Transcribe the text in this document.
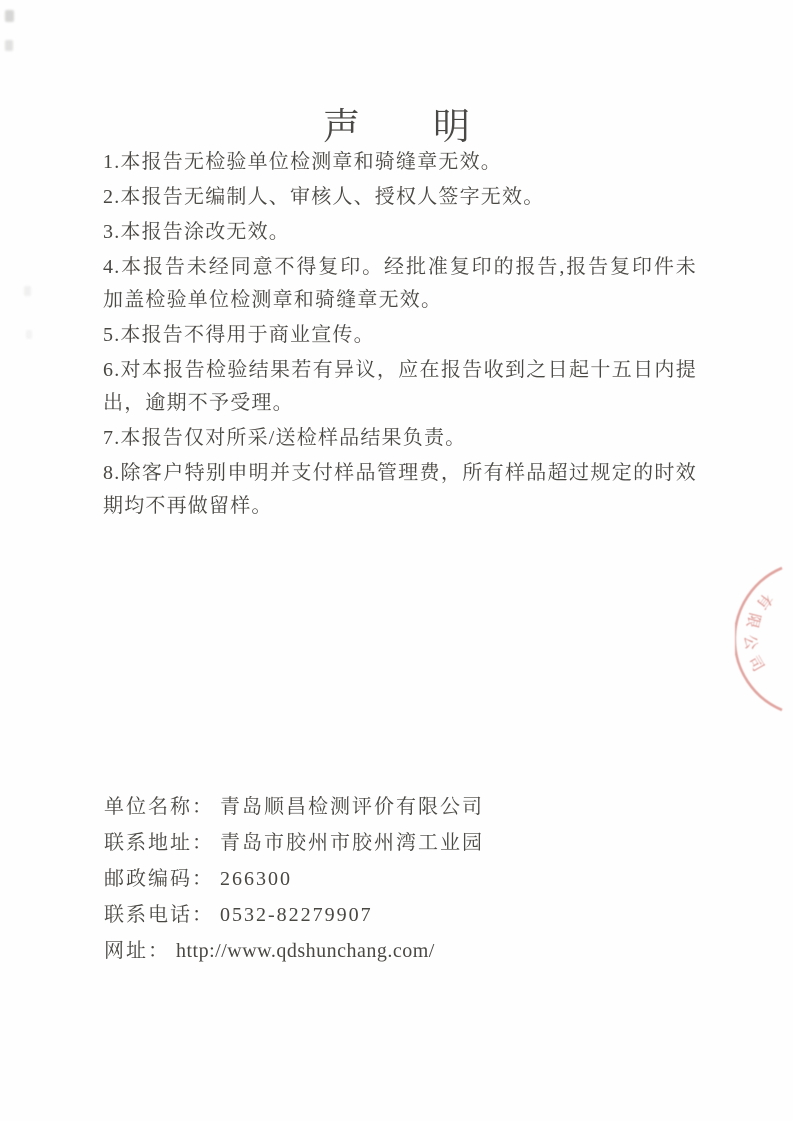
声　明
1.本报告无检验单位检测章和骑缝章无效。
2.本报告无编制人、审核人、授权人签字无效。
3.本报告涂改无效。
4.本报告未经同意不得复印。经批准复印的报告,报告复印件未加盖检验单位检测章和骑缝章无效。
5.本报告不得用于商业宣传。
6.对本报告检验结果若有异议，应在报告收到之日起十五日内提出，逾期不予受理。
7.本报告仅对所采/送检样品结果负责。
8.除客户特别申明并支付样品管理费，所有样品超过规定的时效期均不再做留样。
单位名称： 青岛顺昌检测评价有限公司
联系地址： 青岛市胶州市胶州湾工业园
邮政编码： 266300
联系电话： 0532-82279907
网址： http://www.qdshunchang.com/
有限公司
